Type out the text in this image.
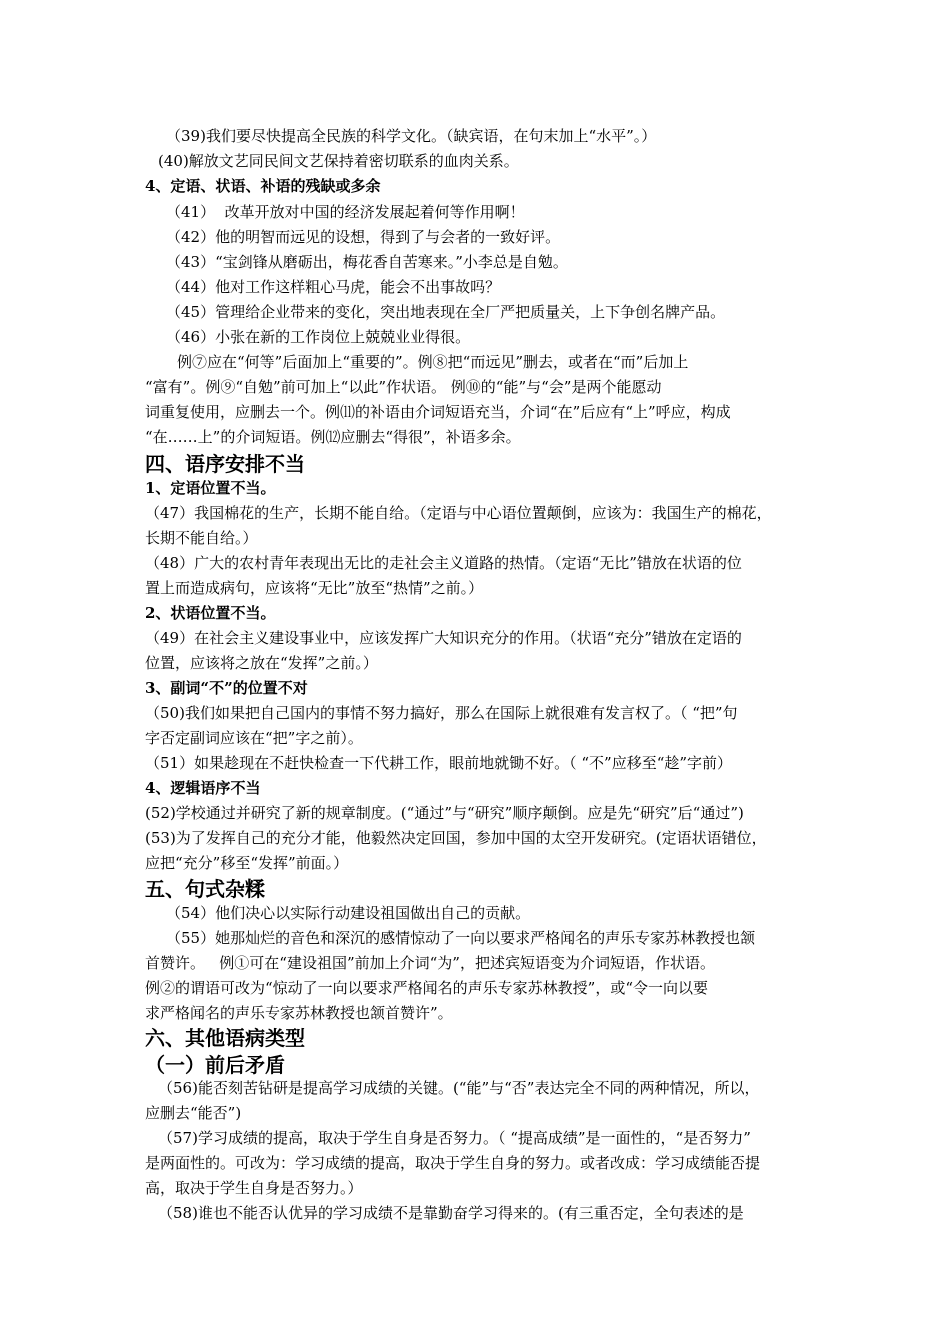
（39)我们要尽快提高全民族的科学文化。（缺宾语，在句末加上“水平”。）
(40)解放文艺同民间文艺保持着密切联系的血肉关系。
4、定语、状语、补语的残缺或多余
（41）  改革开放对中国的经济发展起着何等作用啊！
（42）他的明智而远见的设想，得到了与会者的一致好评。
（43）“宝剑锋从磨砺出，梅花香自苦寒来。”小李总是自勉。
（44）他对工作这样粗心马虎，能会不出事故吗？
（45）管理给企业带来的变化，突出地表现在全厂严把质量关，上下争创名牌产品。
（46）小张在新的工作岗位上兢兢业业得很。
例⑦应在“何等”后面加上“重要的”。例⑧把“而远见”删去，或者在“而”后加上
“富有”。例⑨“自勉”前可加上“以此”作状语。 例⑩的“能”与“会”是两个能愿动
词重复使用，应删去一个。例⑾的补语由介词短语充当，介词“在”后应有“上”呼应，构成
“在……上”的介词短语。例⑿应删去“得很”，补语多余。
四、语序安排不当
1、定语位置不当。
（47）我国棉花的生产，长期不能自给。（定语与中心语位置颠倒，应该为：我国生产的棉花，
长期不能自给。）
（48）广大的农村青年表现出无比的走社会主义道路的热情。（定语“无比”错放在状语的位
置上而造成病句，应该将“无比”放至“热情”之前。）
2、状语位置不当。
（49）在社会主义建设事业中，应该发挥广大知识充分的作用。（状语“充分”错放在定语的
位置，应该将之放在“发挥”之前。）
3、副词“不”的位置不对
（50)我们如果把自己国内的事情不努力搞好，那么在国际上就很难有发言权了。（ “把”句
字否定副词应该在“把”字之前）。
（51）如果趁现在不赶快检查一下代耕工作，眼前地就锄不好。（ “不”应移至“趁”字前）
4、逻辑语序不当
(52)学校通过并研究了新的规章制度。(“通过”与“研究”顺序颠倒。应是先“研究”后“通过”)
(53)为了发挥自己的充分才能，他毅然决定回国，参加中国的太空开发研究。(定语状语错位，
应把“充分”移至“发挥”前面。）
五、句式杂糅
（54）他们决心以实际行动建设祖国做出自己的贡献。
（55）她那灿烂的音色和深沉的感情惊动了一向以要求严格闻名的声乐专家苏林教授也颔
首赞许。   例①可在“建设祖国”前加上介词“为”，把述宾短语变为介词短语，作状语。
例②的谓语可改为“惊动了一向以要求严格闻名的声乐专家苏林教授”，或“令一向以要
求严格闻名的声乐专家苏林教授也颔首赞许”。
六、其他语病类型
（一）前后矛盾
（56)能否刻苦钻研是提高学习成绩的关键。(“能”与“否”表达完全不同的两种情况，所以，
应删去“能否”)
（57)学习成绩的提高，取决于学生自身是否努力。（ “提高成绩”是一面性的，“是否努力”
是两面性的。可改为：学习成绩的提高，取决于学生自身的努力。或者改成：学习成绩能否提
高，取决于学生自身是否努力。）
（58)谁也不能否认优异的学习成绩不是靠勤奋学习得来的。(有三重否定，全句表述的是
